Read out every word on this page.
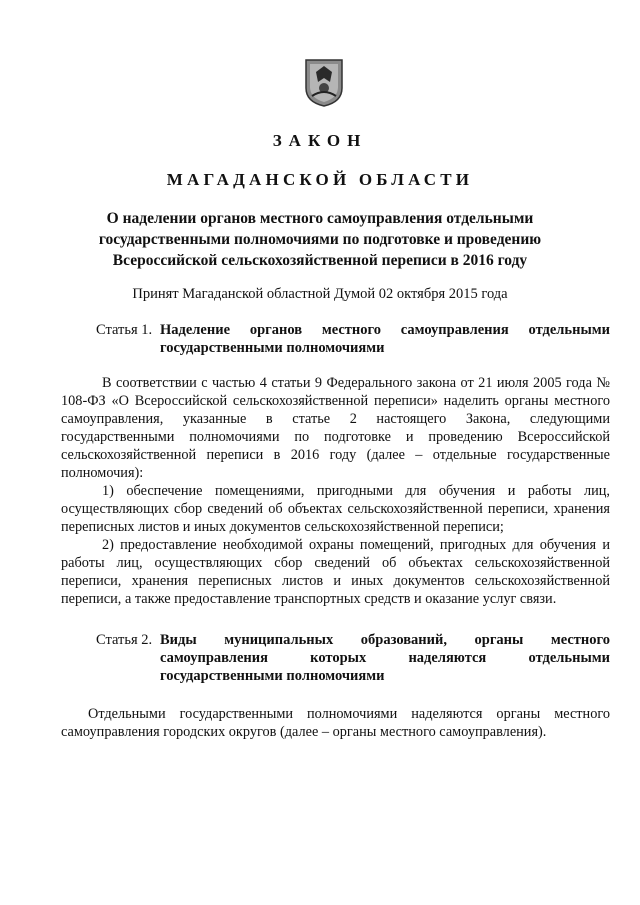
ЗАКОН
МАГАДАНСКОЙ ОБЛАСТИ
О наделении органов местного самоуправления отдельными государственными полномочиями по подготовке и проведению Всероссийской сельскохозяйственной переписи в 2016 году
Принят Магаданской областной Думой 02 октября 2015 года
Статья 1. Наделение органов местного самоуправления отдельными государственными полномочиями
В соответствии с частью 4 статьи 9 Федерального закона от 21 июля 2005 года № 108-ФЗ «О Всероссийской сельскохозяйственной переписи» наделить органы местного самоуправления, указанные в статье 2 настоящего Закона, следующими государственными полномочиями по подготовке и проведению Всероссийской сельскохозяйственной переписи в 2016 году (далее – отдельные государственные полномочия):
1) обеспечение помещениями, пригодными для обучения и работы лиц, осуществляющих сбор сведений об объектах сельскохозяйственной переписи, хранения переписных листов и иных документов сельскохозяйственной переписи;
2) предоставление необходимой охраны помещений, пригодных для обучения и работы лиц, осуществляющих сбор сведений об объектах сельскохозяйственной переписи, хранения переписных листов и иных документов сельскохозяйственной переписи, а также предоставление транспортных средств и оказание услуг связи.
Статья 2. Виды муниципальных образований, органы местного самоуправления которых наделяются отдельными государственными полномочиями

Отдельными государственными полномочиями наделяются органы местного самоуправления городских округов (далее – органы местного самоуправления).
